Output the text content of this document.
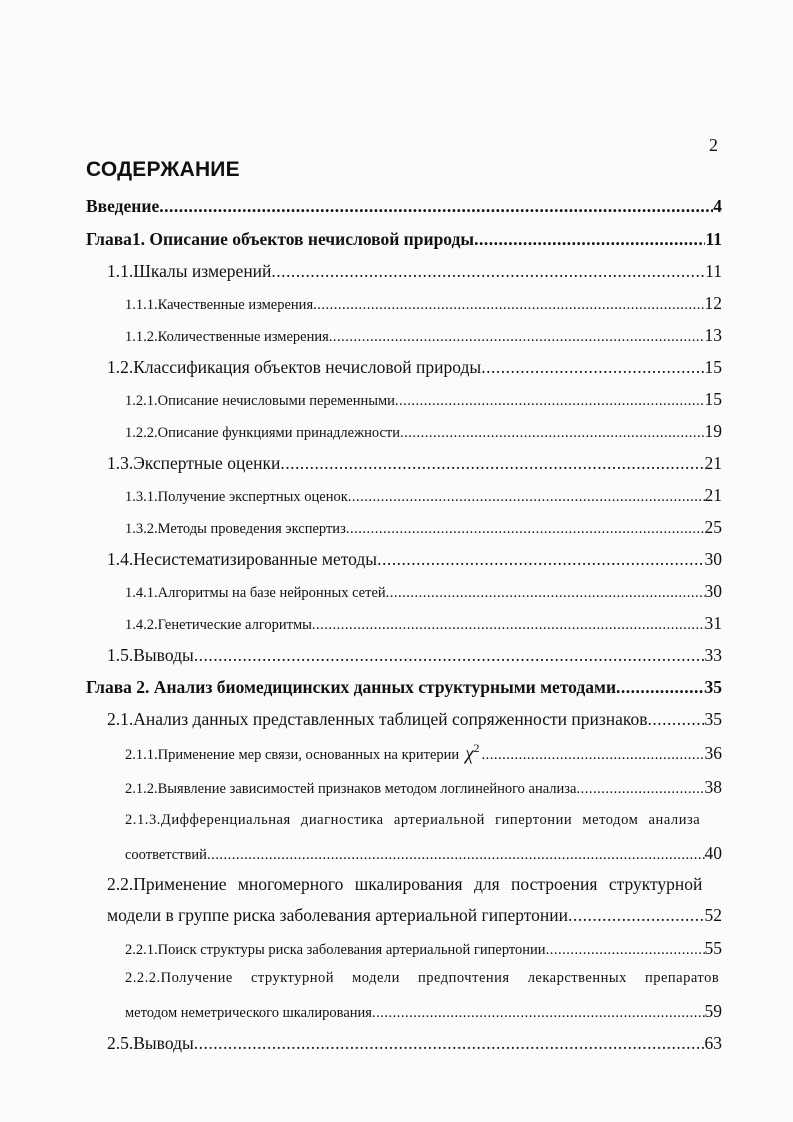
2
СОДЕРЖАНИЕ
Введение .....	4
Глава1. Описание объектов нечисловой природы .....	11
1.1.Шкалы измерений .....	11
1.1.1.Качественные измерения .....	12
1.1.2.Количественные измерения .....	13
1.2.Классификация объектов нечисловой природы .....	15
1.2.1.Описание нечисловыми переменными .....	15
1.2.2.Описание функциями принадлежности .....	19
1.3.Экспертные оценки .....	21
1.3.1.Получение экспертных оценок .....	21
1.3.2.Методы проведения экспертиз .....	25
1.4.Несистематизированные методы .....	30
1.4.1.Алгоритмы на базе нейронных сетей .....	30
1.4.2.Генетические алгоритмы .....	31
1.5.Выводы .....	33
Глава 2. Анализ биомедицинских данных структурными методами .....	35
2.1.Анализ данных представленных таблицей сопряженности признаков .....	35
2.1.1.Применение мер связи, основанных на критерии $\chi^2$ .....	36
2.1.2.Выявление зависимостей признаков методом логлинейного анализа .....	38
2.1.3.Дифференциальная диагностика артериальной гипертонии методом анализа
соответствий .....	40
2.2.Применение многомерного шкалирования для построения структурной
модели в группе риска заболевания артериальной гипертонии .....	52
2.2.1.Поиск структуры риска заболевания артериальной гипертонии .....	55
2.2.2.Получение структурной модели предпочтения лекарственных препаратов
методом неметрического шкалирования .....	59
2.5.Выводы .....	63
